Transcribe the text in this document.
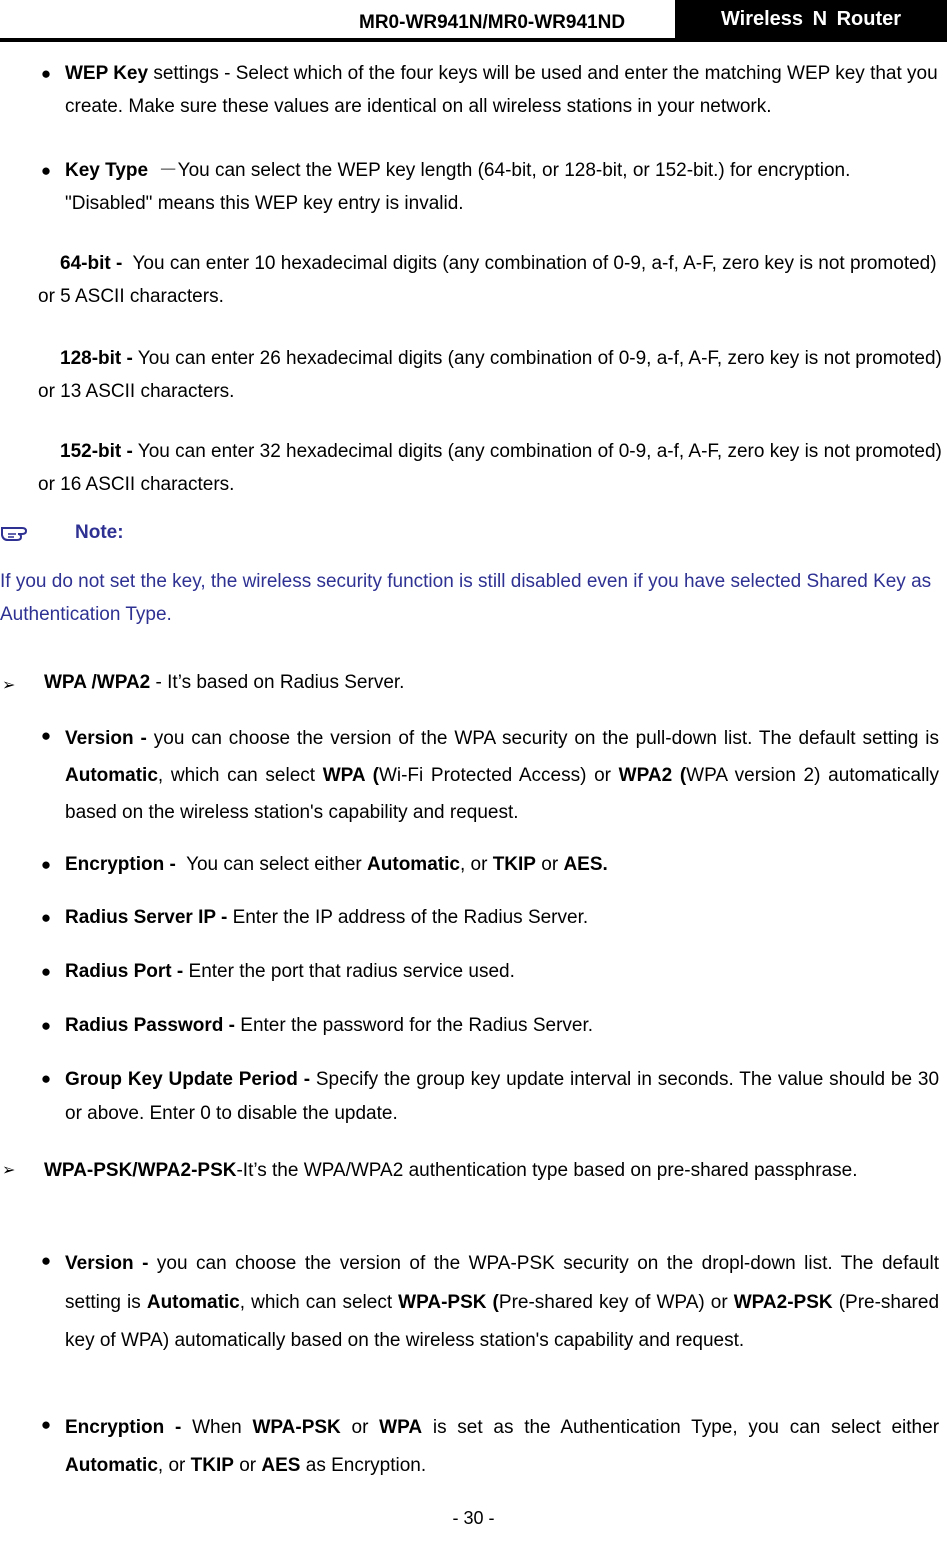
MR0-WR941N/MR0-WR941ND	Wireless N Router
● WEP Key settings - Select which of the four keys will be used and enter the matching WEP key that you create. Make sure these values are identical on all wireless stations in your network.
● Key Type －You can select the WEP key length (64-bit, or 128-bit, or 152-bit.) for encryption. "Disabled" means this WEP key entry is invalid.
64-bit - You can enter 10 hexadecimal digits (any combination of 0-9, a-f, A-F, zero key is not promoted) or 5 ASCII characters.
128-bit - You can enter 26 hexadecimal digits (any combination of 0-9, a-f, A-F, zero key is not promoted) or 13 ASCII characters.
152-bit - You can enter 32 hexadecimal digits (any combination of 0-9, a-f, A-F, zero key is not promoted) or 16 ASCII characters.
Note:
If you do not set the key, the wireless security function is still disabled even if you have selected Shared Key as Authentication Type.
➢	WPA /WPA2 - It’s based on Radius Server.
● Version - you can choose the version of the WPA security on the pull-down list. The default setting is Automatic, which can select WPA (Wi-Fi Protected Access) or WPA2 (WPA version 2) automatically based on the wireless station's capability and request.
● Encryption - You can select either Automatic, or TKIP or AES.
● Radius Server IP - Enter the IP address of the Radius Server.
● Radius Port - Enter the port that radius service used.
● Radius Password - Enter the password for the Radius Server.
● Group Key Update Period - Specify the group key update interval in seconds. The value should be 30 or above. Enter 0 to disable the update.
➢	WPA-PSK/WPA2-PSK-It’s the WPA/WPA2 authentication type based on pre-shared passphrase.
● Version - you can choose the version of the WPA-PSK security on the dropl-down list. The default setting is Automatic, which can select WPA-PSK (Pre-shared key of WPA) or WPA2-PSK (Pre-shared key of WPA) automatically based on the wireless station's capability and request.
● Encryption - When WPA-PSK or WPA is set as the Authentication Type, you can select either Automatic, or TKIP or AES as Encryption.
- 30 -
